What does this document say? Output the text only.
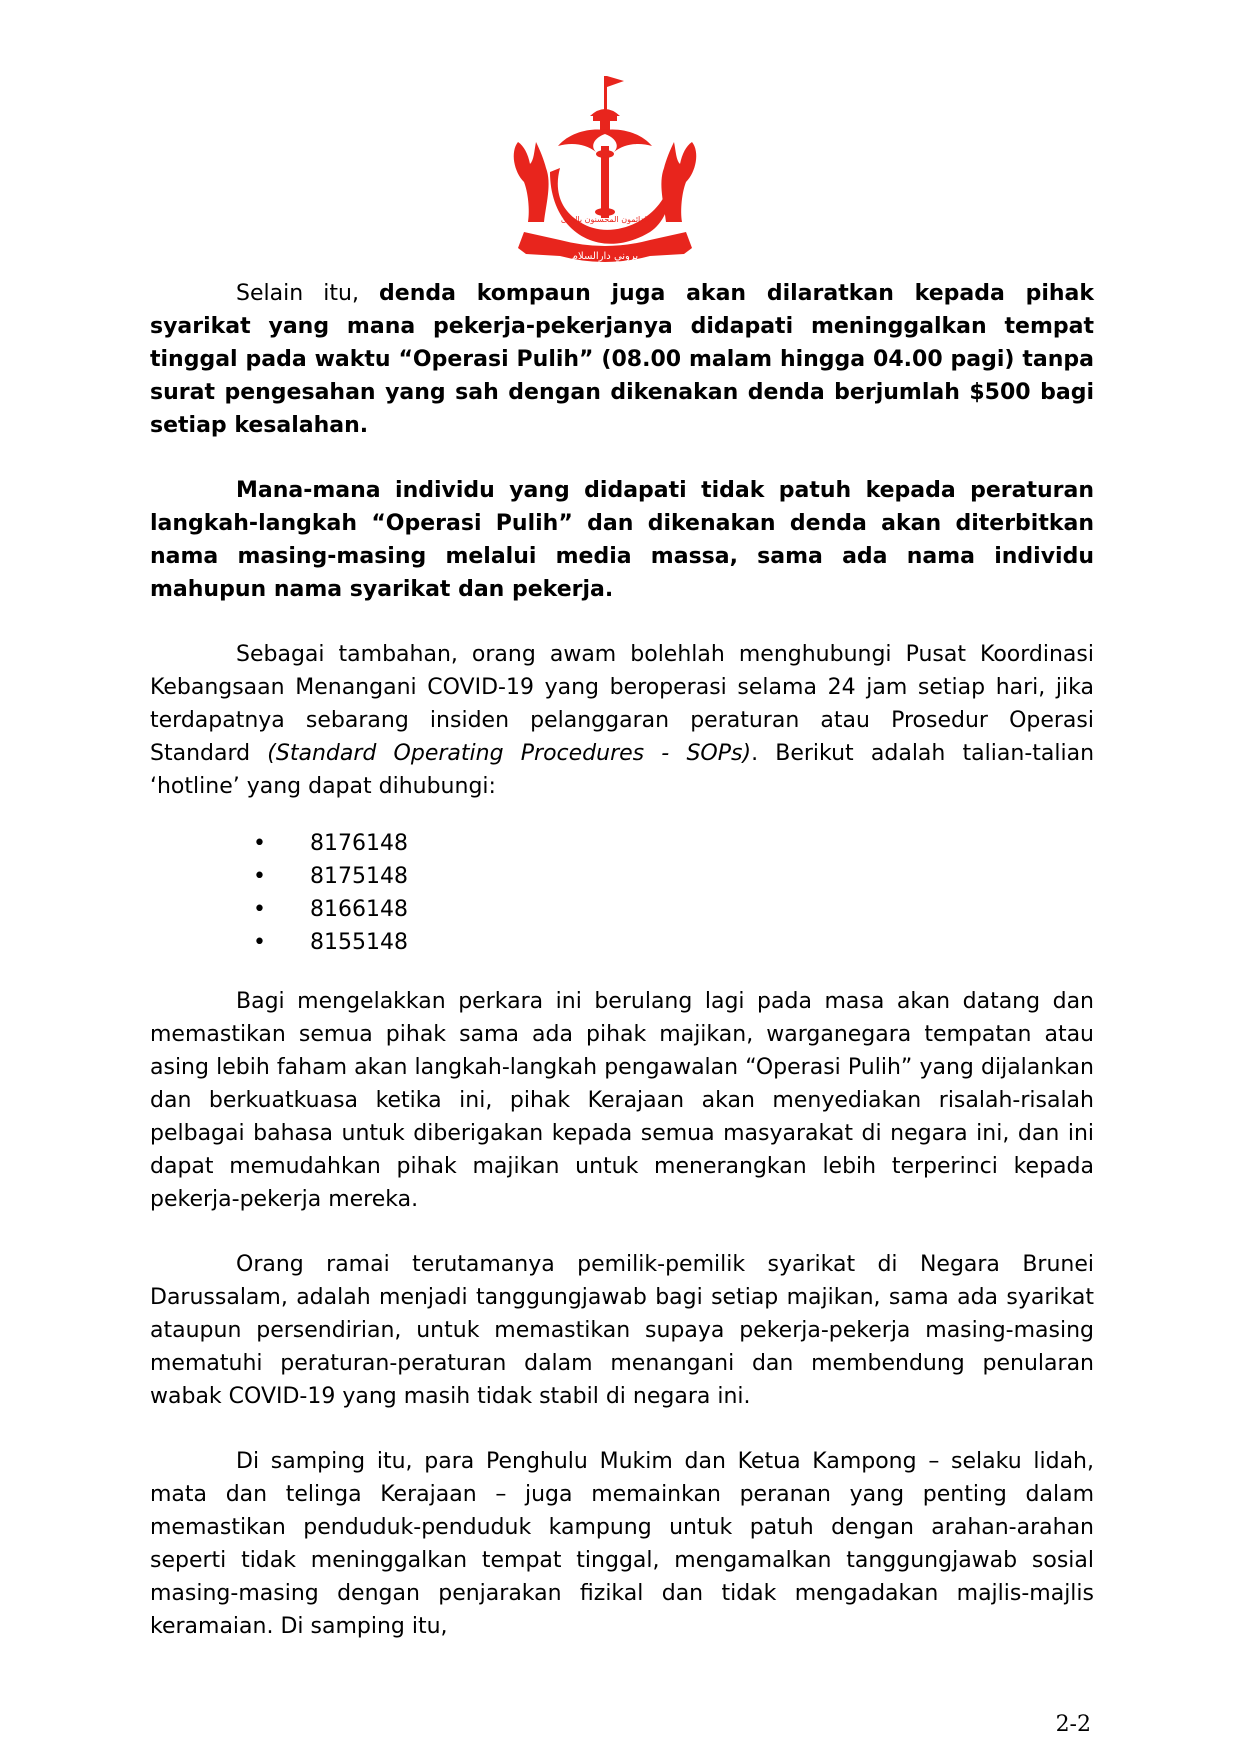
بروني دارالسلام
الدائمون المحسنون بالهدى

Selain itu, denda kompaun juga akan dilaratkan kepada pihak syarikat yang mana pekerja-pekerjanya didapati meninggalkan tempat tinggal pada waktu “Operasi Pulih” (08.00 malam hingga 04.00 pagi) tanpa surat pengesahan yang sah dengan dikenakan denda berjumlah $500 bagi setiap kesalahan.

Mana-mana individu yang didapati tidak patuh kepada peraturan langkah-langkah “Operasi Pulih” dan dikenakan denda akan diterbitkan nama masing-masing melalui media massa, sama ada nama individu mahupun nama syarikat dan pekerja.

Sebagai tambahan, orang awam bolehlah menghubungi Pusat Koordinasi Kebangsaan Menangani COVID-19 yang beroperasi selama 24 jam setiap hari, jika terdapatnya sebarang insiden pelanggaran peraturan atau Prosedur Operasi Standard (Standard Operating Procedures - SOPs). Berikut adalah talian-talian ‘hotline’ yang dapat dihubungi:

• 8176148
• 8175148
• 8166148
• 8155148

Bagi mengelakkan perkara ini berulang lagi pada masa akan datang dan memastikan semua pihak sama ada pihak majikan, warganegara tempatan atau asing lebih faham akan langkah-langkah pengawalan “Operasi Pulih” yang dijalankan dan berkuatkuasa ketika ini, pihak Kerajaan akan menyediakan risalah-risalah pelbagai bahasa untuk diberigakan kepada semua masyarakat di negara ini, dan ini dapat memudahkan pihak majikan untuk menerangkan lebih terperinci kepada pekerja-pekerja mereka.

Orang ramai terutamanya pemilik-pemilik syarikat di Negara Brunei Darussalam, adalah menjadi tanggungjawab bagi setiap majikan, sama ada syarikat ataupun persendirian, untuk memastikan supaya pekerja-pekerja masing-masing mematuhi peraturan-peraturan dalam menangani dan membendung penularan wabak COVID-19 yang masih tidak stabil di negara ini.

Di samping itu, para Penghulu Mukim dan Ketua Kampong – selaku lidah, mata dan telinga Kerajaan – juga memainkan peranan yang penting dalam memastikan penduduk-penduduk kampung untuk patuh dengan arahan-arahan seperti tidak meninggalkan tempat tinggal, mengamalkan tanggungjawab sosial masing-masing dengan penjarakan fizikal dan tidak mengadakan majlis-majlis keramaian. Di samping itu,

2-2
